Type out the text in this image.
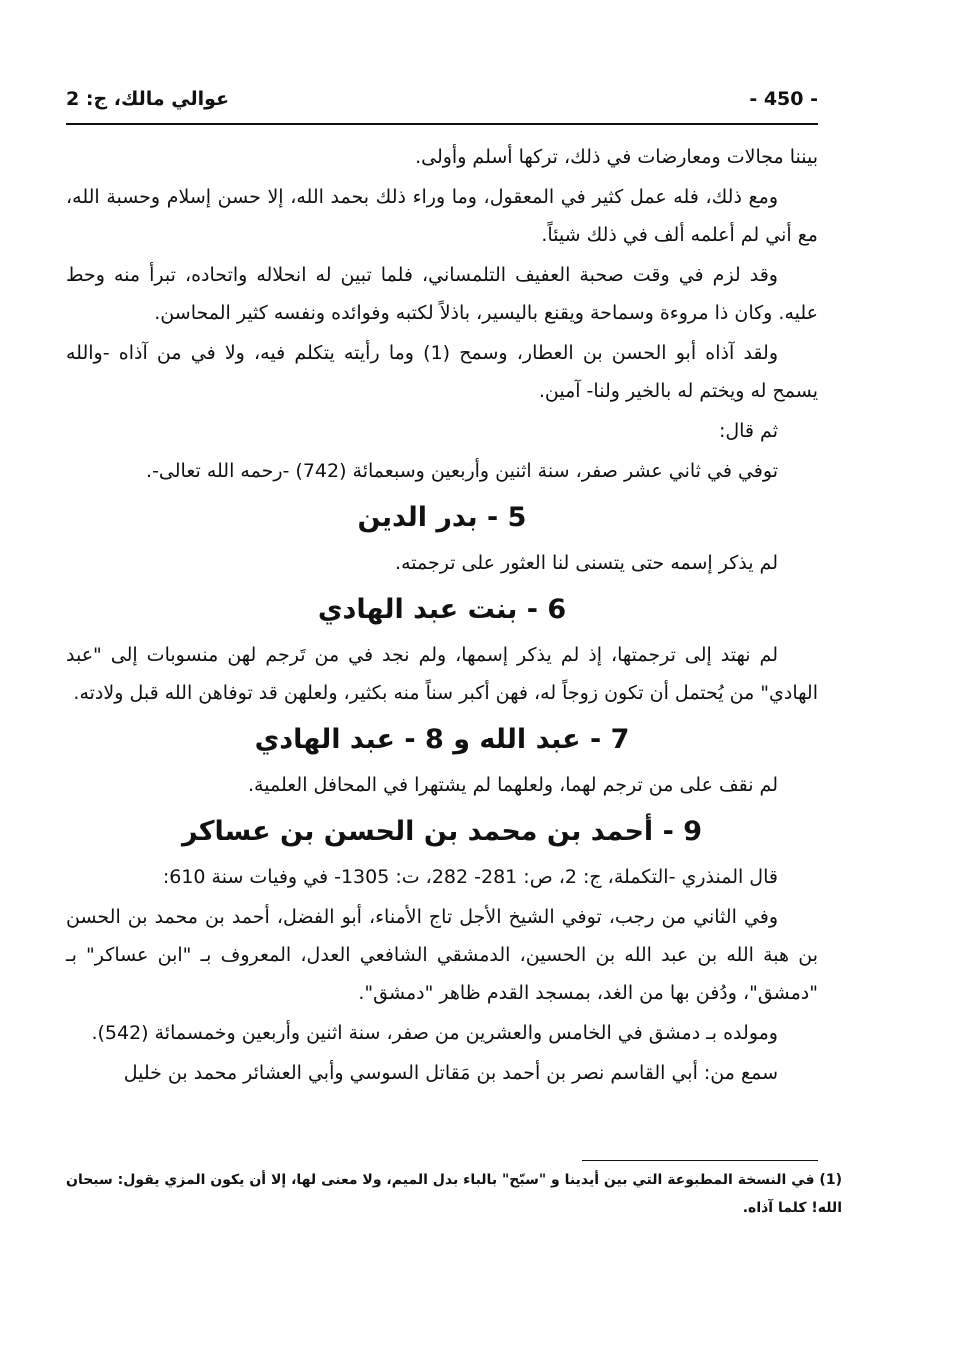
عوالي مالك، ج: 2	- 450 -

بيننا مجالات ومعارضات في ذلك، تركها أسلم وأولى.

ومع ذلك، فله عمل كثير في المعقول، وما وراء ذلك بحمد الله، إلا حسن إسلام وحسبة الله، مع أني لم أعلمه ألف في ذلك شيئاً.

وقد لزم في وقت صحبة العفيف التلمساني، فلما تبين له انحلاله واتحاده، تبرأ منه وحط عليه. وكان ذا مروءة وسماحة ويقنع باليسير، باذلاً لكتبه وفوائده ونفسه كثير المحاسن.

ولقد آذاه أبو الحسن بن العطار، وسمح (1) وما رأيته يتكلم فيه، ولا في من آذاه -والله يسمح له ويختم له بالخير ولنا- آمين.

ثم قال:

توفي في ثاني عشر صفر، سنة اثنين وأربعين وسبعمائة (742) -رحمه الله تعالى-.

5 - بدر الدين

لم يذكر إسمه حتى يتسنى لنا العثور على ترجمته.

6 - بنت عبد الهادي

لم نهتد إلى ترجمتها، إذ لم يذكر إسمها، ولم نجد في من تَرجم لهن منسوبات إلى "عبد الهادي" من يُحتمل أن تكون زوجاً له، فهن أكبر سناً منه بكثير، ولعلهن قد توفاهن الله قبل ولادته.

7 - عبد الله و 8 - عبد الهادي

لم نقف على من ترجم لهما، ولعلهما لم يشتهرا في المحافل العلمية.

9 - أحمد بن محمد بن الحسن بن عساكر

قال المنذري -التكملة، ج: 2، ص: 281- 282، ت: 1305- في وفيات سنة 610:

وفي الثاني من رجب، توفي الشيخ الأجل تاج الأمناء، أبو الفضل، أحمد بن محمد بن الحسن بن هبة الله بن عبد الله بن الحسين، الدمشقي الشافعي العدل، المعروف بـ "ابن عساكر" بـ "دمشق"، ودُفن بها من الغد، بمسجد القدم ظاهر "دمشق".

ومولده بـ دمشق في الخامس والعشرين من صفر، سنة اثنين وأربعين وخمسمائة (542).

سمع من: أبي القاسم نصر بن أحمد بن مَقاتل السوسي وأبي العشائر محمد بن خليل

(1) في النسخة المطبوعة التي بين أيدينا و "سبّح" بالباء بدل الميم، ولا معنى لها، إلا أن يكون المزي يقول: سبحان الله! كلما آذاه.
